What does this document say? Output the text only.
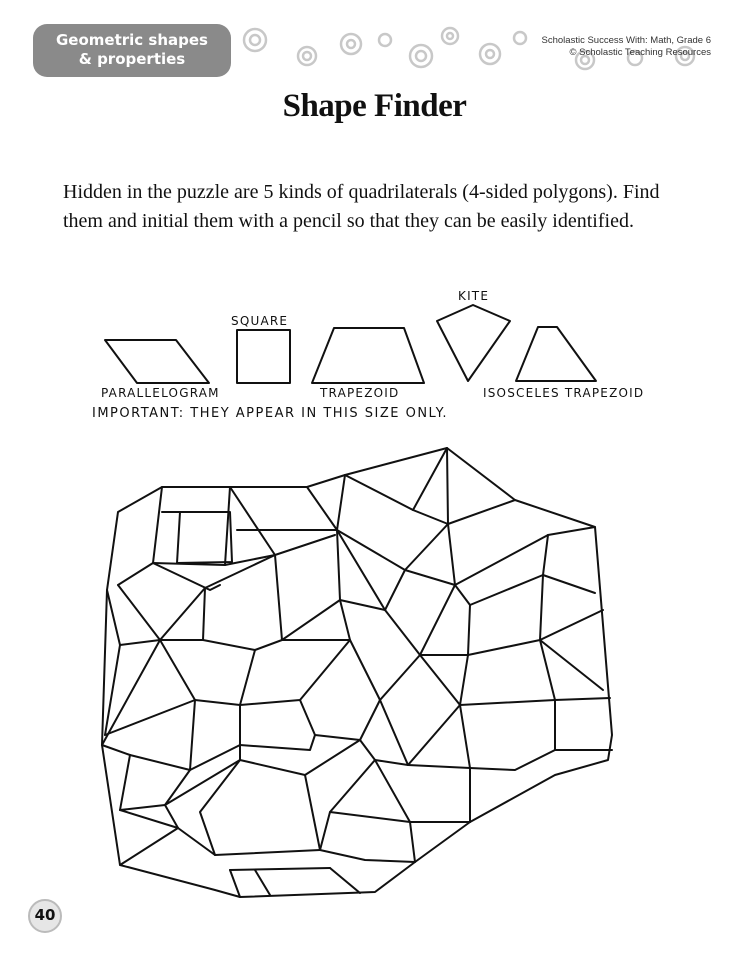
Geometric shapes
& properties
Scholastic Success With: Math, Grade 6
© Scholastic Teaching Resources
Shape Finder
Hidden in the puzzle are 5 kinds of quadrilaterals (4-sided polygons). Find them and initial them with a pencil so that they can be easily identified.
PARALLELOGRAM
SQUARE
TRAPEZOID
KITE
ISOSCELES TRAPEZOID
IMPORTANT: THEY APPEAR IN THIS SIZE ONLY.
40
